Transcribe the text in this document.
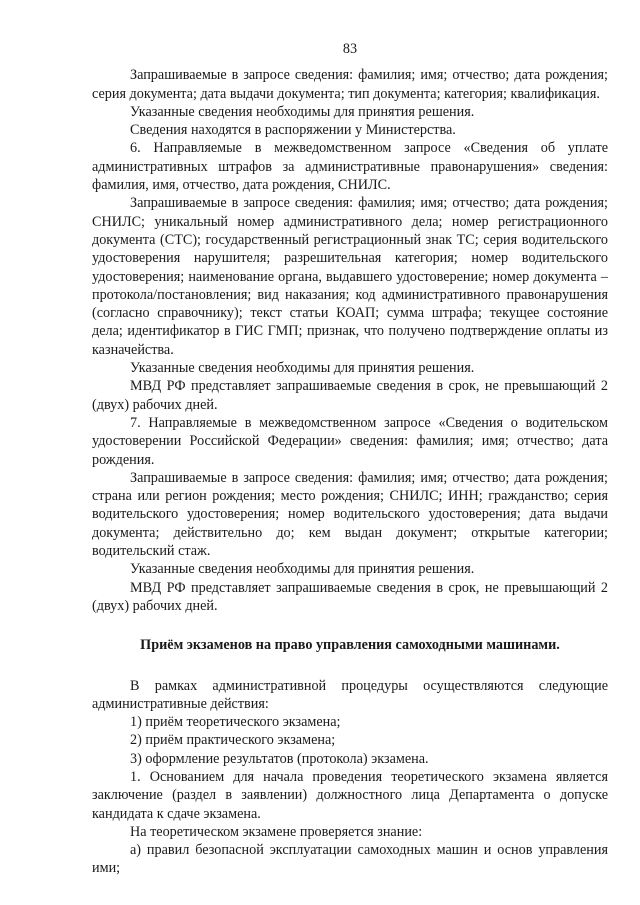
83

Запрашиваемые в запросе сведения: фамилия; имя; отчество; дата рождения; серия документа; дата выдачи документа; тип документа; категория; квалификация.

Указанные сведения необходимы для принятия решения.

Сведения находятся в распоряжении у Министерства.

6. Направляемые в межведомственном запросе «Сведения об уплате административных штрафов за административные правонарушения» сведения: фамилия, имя, отчество, дата рождения, СНИЛС.

Запрашиваемые в запросе сведения: фамилия; имя; отчество; дата рождения; СНИЛС; уникальный номер административного дела; номер регистрационного документа (СТС); государственный регистрационный знак ТС; серия водительского удостоверения нарушителя; разрешительная категория; номер водительского удостоверения; наименование органа, выдавшего удостоверение; номер документа – протокола/постановления; вид наказания; код административного правонарушения (согласно справочнику); текст статьи КОАП; сумма штрафа; текущее состояние дела; идентификатор в ГИС ГМП; признак, что получено подтверждение оплаты из казначейства.

Указанные сведения необходимы для принятия решения.

МВД РФ представляет запрашиваемые сведения в срок, не превышающий 2 (двух) рабочих дней.

7. Направляемые в межведомственном запросе «Сведения о водительском удостоверении Российской Федерации» сведения: фамилия; имя; отчество; дата рождения.

Запрашиваемые в запросе сведения: фамилия; имя; отчество; дата рождения; страна или регион рождения; место рождения; СНИЛС; ИНН; гражданство; серия водительского удостоверения; номер водительского удостоверения; дата выдачи документа; действительно до; кем выдан документ; открытые категории; водительский стаж.

Указанные сведения необходимы для принятия решения.

МВД РФ представляет запрашиваемые сведения в срок, не превышающий 2 (двух) рабочих дней.

Приём экзаменов на право управления самоходными машинами.

В рамках административной процедуры осуществляются следующие административные действия:

1) приём теоретического экзамена;

2) приём практического экзамена;

3) оформление результатов (протокола) экзамена.

1. Основанием для начала проведения теоретического экзамена является заключение (раздел в заявлении) должностного лица Департамента о допуске кандидата к сдаче экзамена.

На теоретическом экзамене проверяется знание:

а) правил безопасной эксплуатации самоходных машин и основ управления ими;
